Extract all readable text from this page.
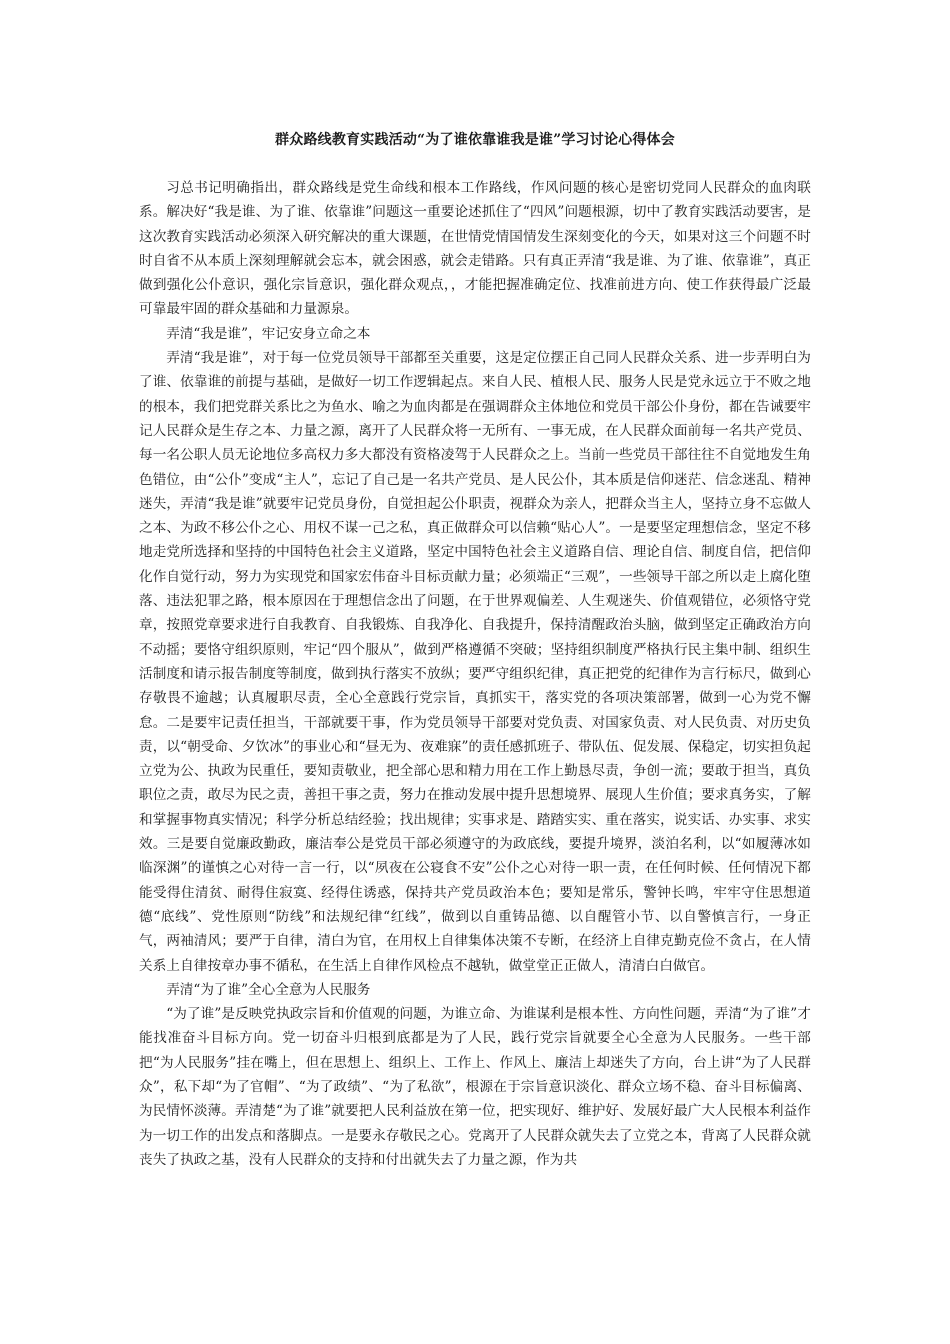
群众路线教育实践活动“为了谁依靠谁我是谁”学习讨论心得体会

习总书记明确指出，群众路线是党生命线和根本工作路线，作风问题的核心是密切党同人民群众的血肉联系。解决好“我是谁、为了谁、依靠谁”问题这一重要论述抓住了“四风”问题根源，切中了教育实践活动要害，是这次教育实践活动必须深入研究解决的重大课题，在世情党情国情发生深刻变化的今天，如果对这三个问题不时时自省不从本质上深刻理解就会忘本，就会困惑，就会走错路。只有真正弄清“我是谁、为了谁、依靠谁”，真正做到强化公仆意识，强化宗旨意识，强化群众观点，，才能把握准确定位、找准前进方向、使工作获得最广泛最可靠最牢固的群众基础和力量源泉。

弄清“我是谁”，牢记安身立命之本

弄清“我是谁”，对于每一位党员领导干部都至关重要，这是定位摆正自己同人民群众关系、进一步弄明白为了谁、依靠谁的前提与基础，是做好一切工作逻辑起点。来自人民、植根人民、服务人民是党永远立于不败之地的根本，我们把党群关系比之为鱼水、喻之为血肉都是在强调群众主体地位和党员干部公仆身份，都在告诫要牢记人民群众是生存之本、力量之源，离开了人民群众将一无所有、一事无成，在人民群众面前每一名共产党员、每一名公职人员无论地位多高权力多大都没有资格凌驾于人民群众之上。当前一些党员干部往往不自觉地发生角色错位，由“公仆”变成“主人”，忘记了自己是一名共产党员、是人民公仆，其本质是信仰迷茫、信念迷乱、精神迷失，弄清“我是谁”就要牢记党员身份，自觉担起公仆职责，视群众为亲人，把群众当主人，坚持立身不忘做人之本、为政不移公仆之心、用权不谋一己之私，真正做群众可以信赖“贴心人”。一是要坚定理想信念，坚定不移地走党所选择和坚持的中国特色社会主义道路，坚定中国特色社会主义道路自信、理论自信、制度自信，把信仰化作自觉行动，努力为实现党和国家宏伟奋斗目标贡献力量；必须端正“三观”，一些领导干部之所以走上腐化堕落、违法犯罪之路，根本原因在于理想信念出了问题，在于世界观偏差、人生观迷失、价值观错位，必须恪守党章，按照党章要求进行自我教育、自我锻炼、自我净化、自我提升，保持清醒政治头脑，做到坚定正确政治方向不动摇；要恪守组织原则，牢记“四个服从”，做到严格遵循不突破；坚持组织制度严格执行民主集中制、组织生活制度和请示报告制度等制度，做到执行落实不放纵；要严守组织纪律，真正把党的纪律作为言行标尺，做到心存敬畏不逾越；认真履职尽责，全心全意践行党宗旨，真抓实干，落实党的各项决策部署，做到一心为党不懈怠。二是要牢记责任担当，干部就要干事，作为党员领导干部要对党负责、对国家负责、对人民负责、对历史负责，以“朝受命、夕饮冰”的事业心和“昼无为、夜难寐”的责任感抓班子、带队伍、促发展、保稳定，切实担负起立党为公、执政为民重任，要知责敬业，把全部心思和精力用在工作上勤恳尽责，争创一流；要敢于担当，真负职位之责，敢尽为民之责，善担干事之责，努力在推动发展中提升思想境界、展现人生价值；要求真务实，了解和掌握事物真实情况；科学分析总结经验；找出规律；实事求是、踏踏实实、重在落实，说实话、办实事、求实效。三是要自觉廉政勤政，廉洁奉公是党员干部必须遵守的为政底线，要提升境界，淡泊名利，以“如履薄冰如临深渊”的谨慎之心对待一言一行，以“夙夜在公寝食不安”公仆之心对待一职一责，在任何时候、任何情况下都能受得住清贫、耐得住寂寞、经得住诱惑，保持共产党员政治本色；要知是常乐，警钟长鸣，牢牢守住思想道德“底线”、党性原则“防线”和法规纪律“红线”，做到以自重铸品德、以自醒管小节、以自警慎言行，一身正气，两袖清风；要严于自律，清白为官，在用权上自律集体决策不专断，在经济上自律克勤克俭不贪占，在人情关系上自律按章办事不循私，在生活上自律作风检点不越轨，做堂堂正正做人，清清白白做官。

弄清“为了谁”全心全意为人民服务

“为了谁”是反映党执政宗旨和价值观的问题，为谁立命、为谁谋利是根本性、方向性问题，弄清“为了谁”才能找准奋斗目标方向。党一切奋斗归根到底都是为了人民，践行党宗旨就要全心全意为人民服务。一些干部把“为人民服务”挂在嘴上，但在思想上、组织上、工作上、作风上、廉洁上却迷失了方向，台上讲“为了人民群众”，私下却“为了官帽”、“为了政绩”、“为了私欲”，根源在于宗旨意识淡化、群众立场不稳、奋斗目标偏离、为民情怀淡薄。弄清楚“为了谁”就要把人民利益放在第一位，把实现好、维护好、发展好最广大人民根本利益作为一切工作的出发点和落脚点。一是要永存敬民之心。党离开了人民群众就失去了立党之本，背离了人民群众就丧失了执政之基，没有人民群众的支持和付出就失去了力量之源，作为共
